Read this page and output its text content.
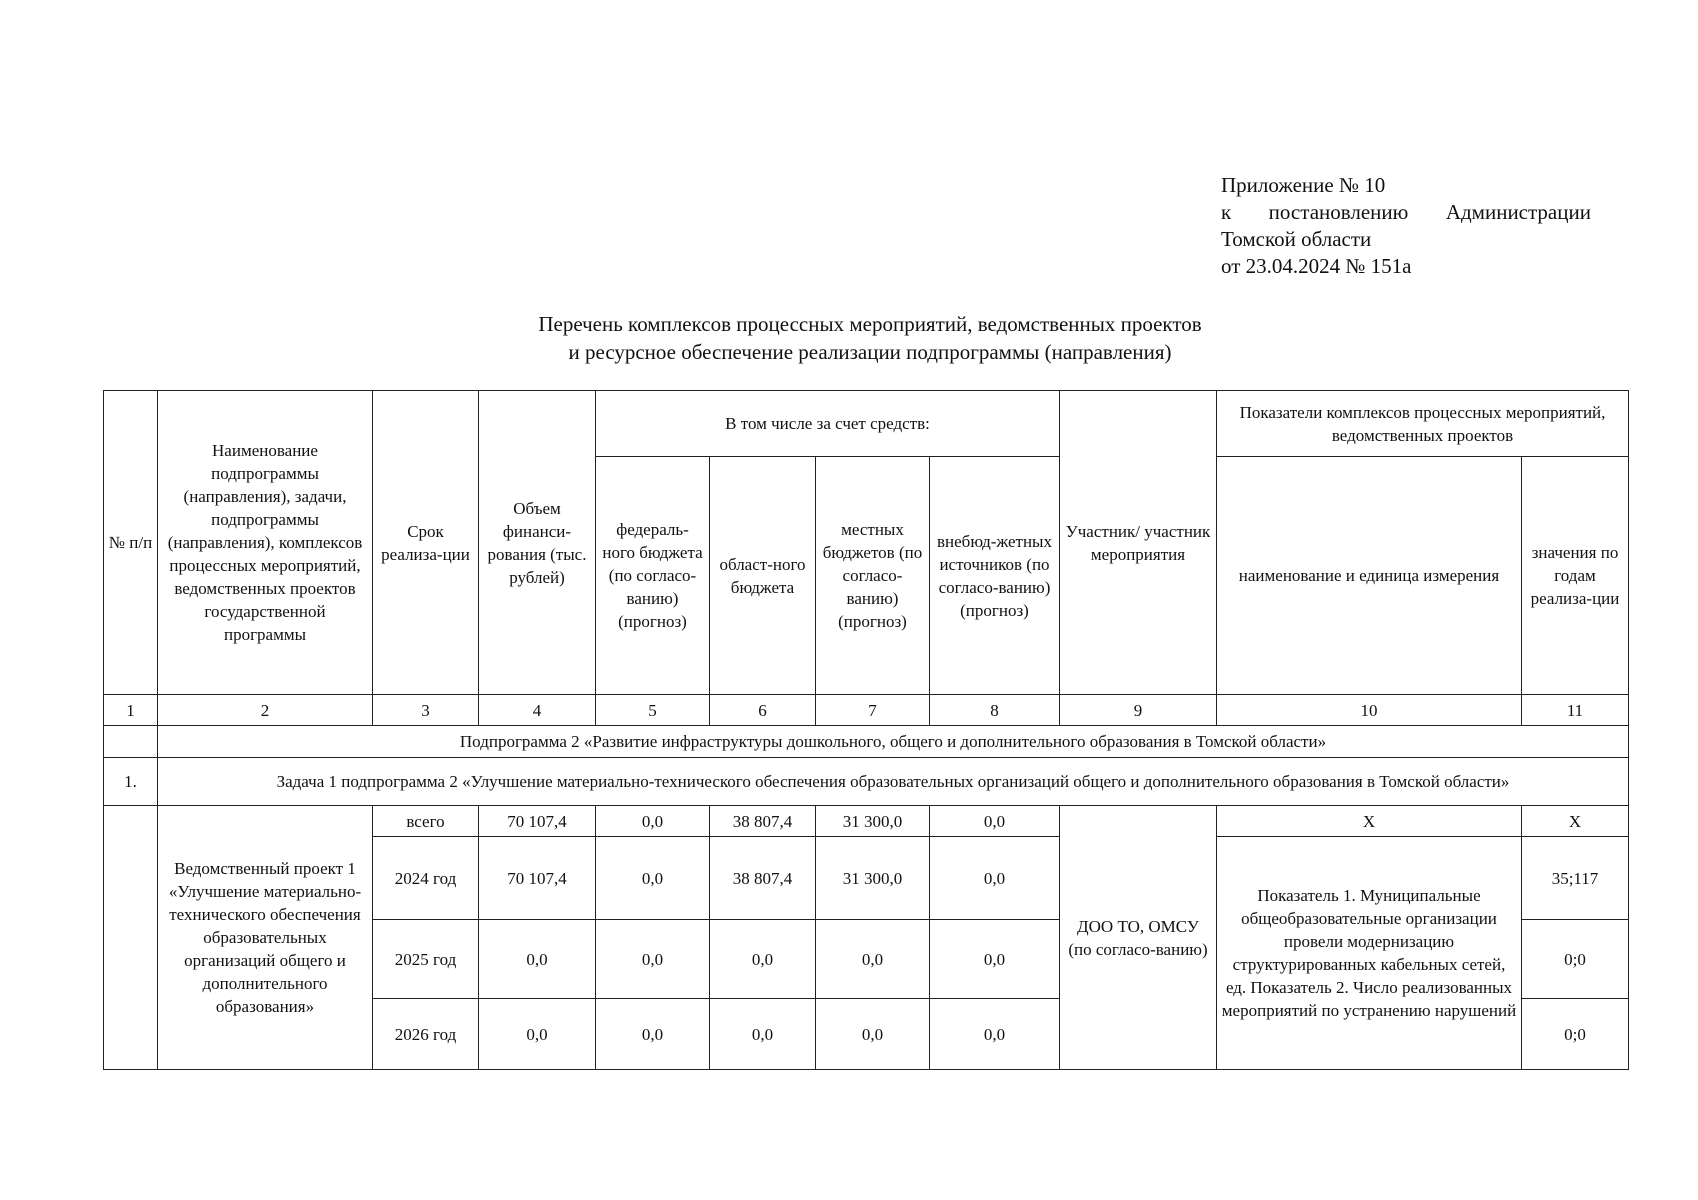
Приложение № 10
к постановлению Администрации
Томской области
от 23.04.2024 № 151а
Перечень комплексов процессных мероприятий, ведомственных проектов
и ресурсное обеспечение реализации подпрограммы (направления)
№ п/п	Наименование подпрограммы (направления), задачи, подпрограммы (направления), комплексов процессных мероприятий, ведомственных проектов государственной программы	Срок реализа-ции	Объем финанси-рования (тыс. рублей)	В том числе за счет средств:				Участник/ участник мероприятия	Показатели комплексов процессных мероприятий, ведомственных проектов	
				федераль-ного бюджета (по согласо-ванию) (прогноз)	област-ного бюджета	местных бюджетов (по согласо-ванию) (прогноз)	внебюд-жетных источников (по согласо-ванию) (прогноз)		наименование и единица измерения	значения по годам реализа-ции
1	2	3	4	5	6	7	8	9	10	11
	Подпрограмма 2 «Развитие инфраструктуры дошкольного, общего и дополнительного образования в Томской области»									
1.	Задача 1 подпрограмма 2 «Улучшение материально-технического обеспечения образовательных организаций общего и дополнительного образования в Томской области»									
	Ведомственный проект 1 «Улучшение материально-технического обеспечения образовательных организаций общего и дополнительного образования»	всего	70 107,4	0,0	38 807,4	31 300,0	0,0	ДОО ТО, ОМСУ (по согласо-ванию)	Х	Х
		2024 год	70 107,4	0,0	38 807,4	31 300,0	0,0		Показатель 1. Муниципальные общеобразовательные организации провели модернизацию структурированных кабельных сетей, ед. Показатель 2. Число реализованных мероприятий по устранению нарушений	35;117
		2025 год	0,0	0,0	0,0	0,0	0,0			0;0
		2026 год	0,0	0,0	0,0	0,0	0,0			0;0
